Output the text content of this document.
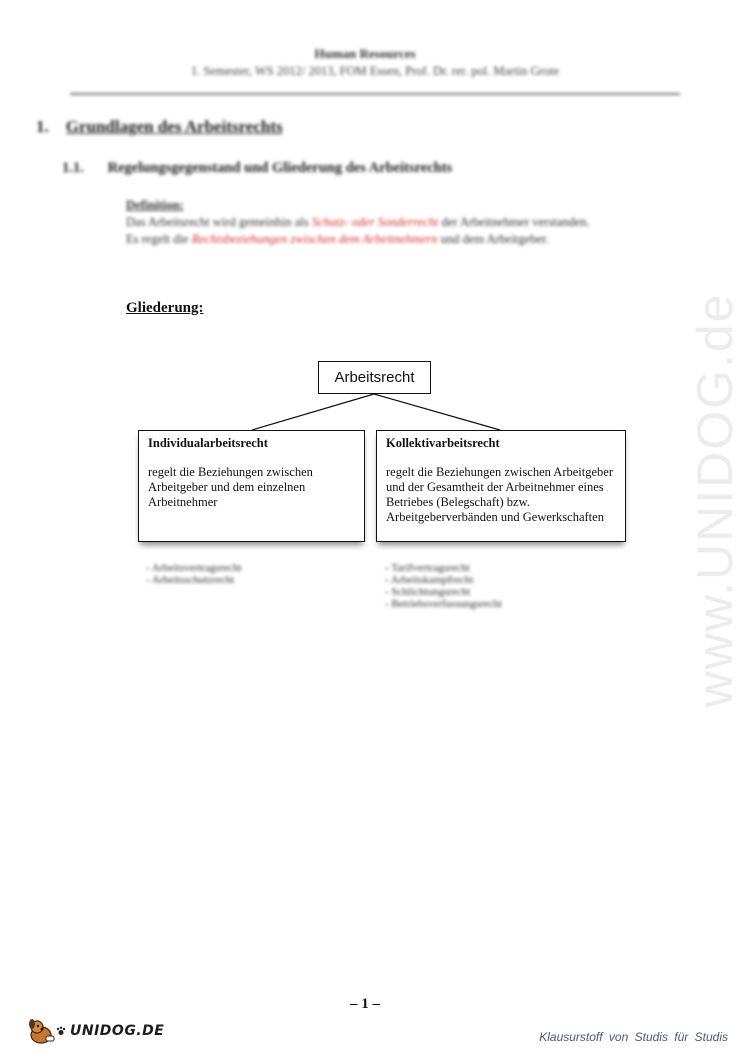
Human Resources
1. Semester, WS 2012/ 2013, FOM Essen, Prof. Dr. rer. pol. Martin Grote
1. Grundlagen des Arbeitsrechts
1.1. Regelungsgegenstand und Gliederung des Arbeitsrechts
Definition:
Das Arbeitsrecht wird gemeinhin als Schutz- oder Sonderrecht der Arbeitnehmer verstanden.
Es regelt die Rechtsbeziehungen zwischen dem Arbeitnehmern und dem Arbeitgeber.
Gliederung:
Arbeitsrecht
Individualarbeitsrecht
regelt die Beziehungen zwischen Arbeitgeber und dem einzelnen Arbeitnehmer
Kollektivarbeitsrecht
regelt die Beziehungen zwischen Arbeitgeber und der Gesamtheit der Arbeitnehmer eines Betriebes (Belegschaft) bzw. Arbeitgeberverbänden und Gewerkschaften
- Arbeitsvertragsrecht
- Arbeitsschutzrecht
- Tarifvertragsrecht
- Arbeitskampfrecht
- Schlichtungsrecht
- Betriebsverfassungsrecht	www.UNIDOG.de
– 1 –
UNIDOG.DE	Klausurstoff von Studis für Studis
